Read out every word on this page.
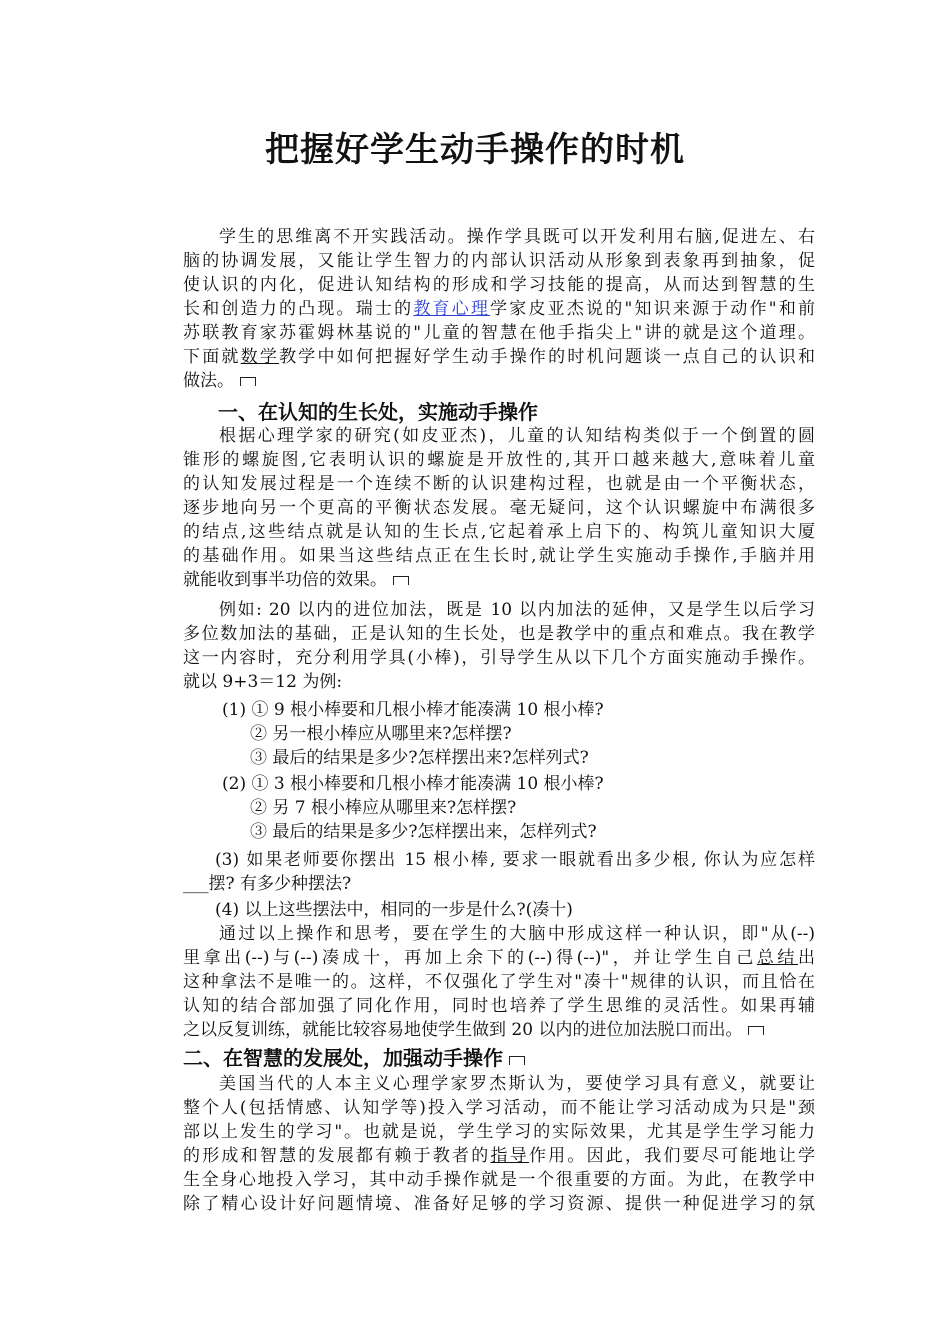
把握好学生动手操作的时机
学生的思维离不开实践活动。操作学具既可以开发利用右脑,促进左、右
脑的协调发展，又能让学生智力的内部认识活动从形象到表象再到抽象，促
使认识的内化，促进认知结构的形成和学习技能的提高，从而达到智慧的生
长和创造力的凸现。瑞士的教育心理学家皮亚杰说的"知识来源于动作"和前
苏联教育家苏霍姆林基说的"儿童的智慧在他手指尖上"讲的就是这个道理。
下面就数学教学中如何把握好学生动手操作的时机问题谈一点自己的认识和
做法。
一、在认知的生长处，实施动手操作
根据心理学家的研究(如皮亚杰)，儿童的认知结构类似于一个倒置的圆
锥形的螺旋图,它表明认识的螺旋是开放性的,其开口越来越大,意味着儿童
的认知发展过程是一个连续不断的认识建构过程，也就是由一个平衡状态，
逐步地向另一个更高的平衡状态发展。毫无疑问，这个认识螺旋中布满很多
的结点,这些结点就是认知的生长点,它起着承上启下的、构筑儿童知识大厦
的基础作用。如果当这些结点正在生长时,就让学生实施动手操作,手脑并用
就能收到事半功倍的效果。
例如: 20 以内的进位加法，既是 10 以内加法的延伸，又是学生以后学习
多位数加法的基础，正是认知的生长处，也是教学中的重点和难点。我在教学
这一内容时，充分利用学具(小棒)，引导学生从以下几个方面实施动手操作。
就以 9+3＝12 为例:
(1) ① 9 根小棒要和几根小棒才能凑满 10 根小棒?
② 另一根小棒应从哪里来?怎样摆?
③ 最后的结果是多少?怎样摆出来?怎样列式?
(2) ① 3 根小棒要和几根小棒才能凑满 10 根小棒?
② 另 7 根小棒应从哪里来?怎样摆?
③ 最后的结果是多少?怎样摆出来，怎样列式?
(3) 如果老师要你摆出 15 根小棒, 要求一眼就看出多少根, 你认为应怎样
___摆? 有多少种摆法?
(4) 以上这些摆法中，相同的一步是什么?(凑十)
通过以上操作和思考，要在学生的大脑中形成这样一种认识，即"从(--)
里拿出(--)与(--)凑成十，再加上余下的(--)得(--)"，并让学生自己总结出
这种拿法不是唯一的。这样，不仅强化了学生对"凑十"规律的认识，而且恰在
认知的结合部加强了同化作用，同时也培养了学生思维的灵活性。如果再辅
之以反复训练，就能比较容易地使学生做到 20 以内的进位加法脱口而出。
二、在智慧的发展处，加强动手操作
美国当代的人本主义心理学家罗杰斯认为，要使学习具有意义，就要让
整个人(包括情感、认知学等)投入学习活动，而不能让学习活动成为只是"颈
部以上发生的学习"。也就是说，学生学习的实际效果，尤其是学生学习能力
的形成和智慧的发展都有赖于教者的指导作用。因此，我们要尽可能地让学
生全身心地投入学习，其中动手操作就是一个很重要的方面。为此，在教学中
除了精心设计好问题情境、准备好足够的学习资源、提供一种促进学习的氛
